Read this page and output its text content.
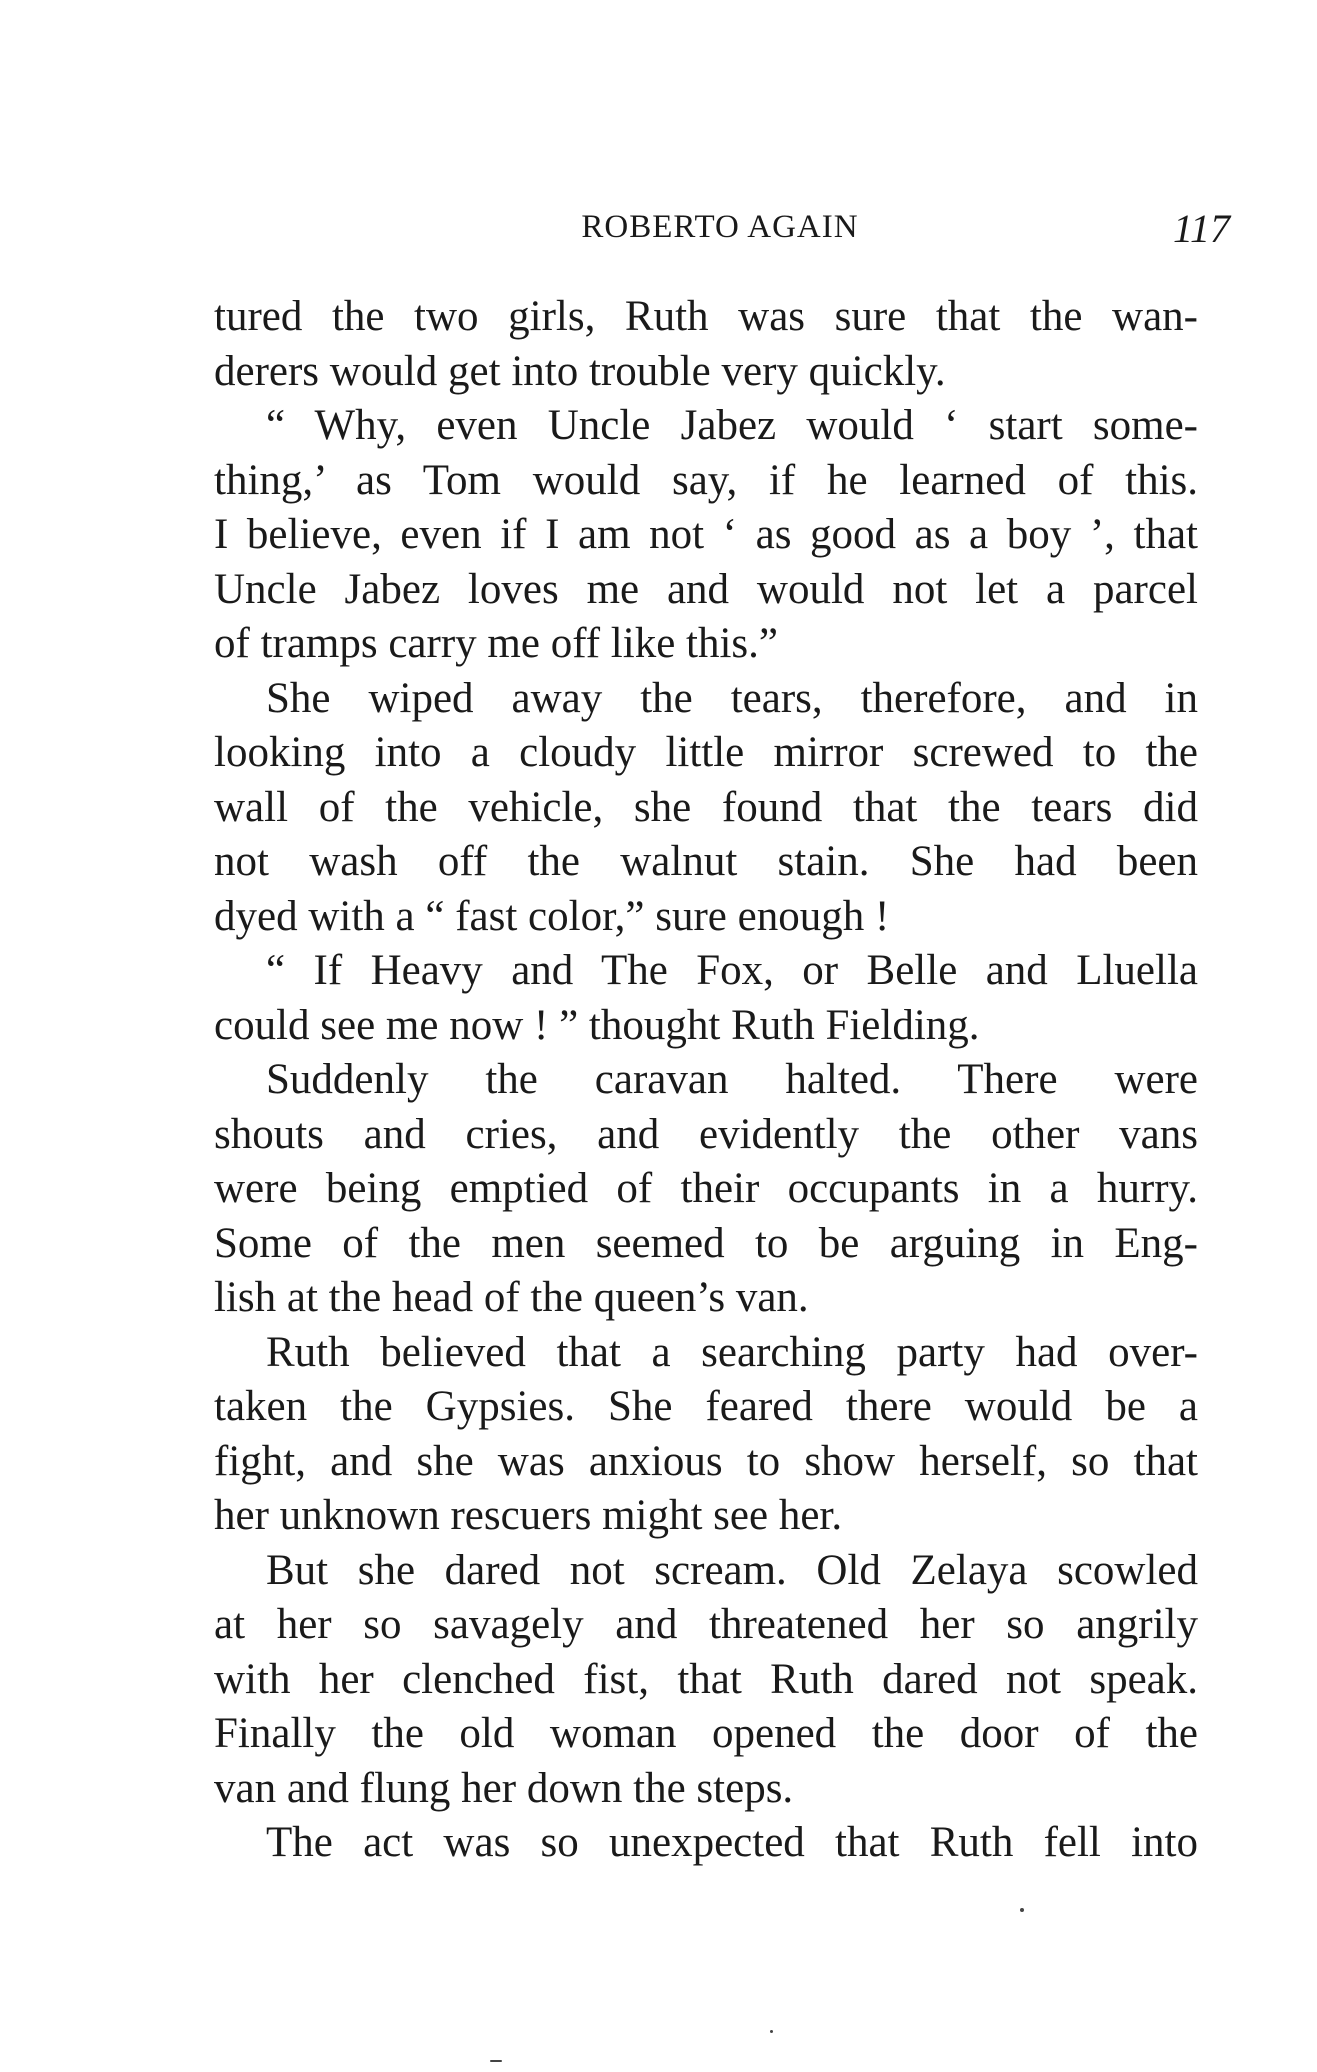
ROBERTO AGAIN	117
tured the two girls, Ruth was sure that the wan-
derers would get into trouble very quickly.
“ Why, even Uncle Jabez would ‘ start some-
thing,’ as Tom would say, if he learned of this.
I believe, even if I am not ‘ as good as a boy ’, that
Uncle Jabez loves me and would not let a parcel
of tramps carry me off like this.”
She wiped away the tears, therefore, and in
looking into a cloudy little mirror screwed to the
wall of the vehicle, she found that the tears did
not wash off the walnut stain. She had been
dyed with a “ fast color,” sure enough !
“ If Heavy and The Fox, or Belle and Lluella
could see me now ! ” thought Ruth Fielding.
Suddenly the caravan halted. There were
shouts and cries, and evidently the other vans
were being emptied of their occupants in a hurry.
Some of the men seemed to be arguing in Eng-
lish at the head of the queen’s van.
Ruth believed that a searching party had over-
taken the Gypsies. She feared there would be a
fight, and she was anxious to show herself, so that
her unknown rescuers might see her.
But she dared not scream. Old Zelaya scowled
at her so savagely and threatened her so angrily
with her clenched fist, that Ruth dared not speak.
Finally the old woman opened the door of the
van and flung her down the steps.
The act was so unexpected that Ruth fell into
